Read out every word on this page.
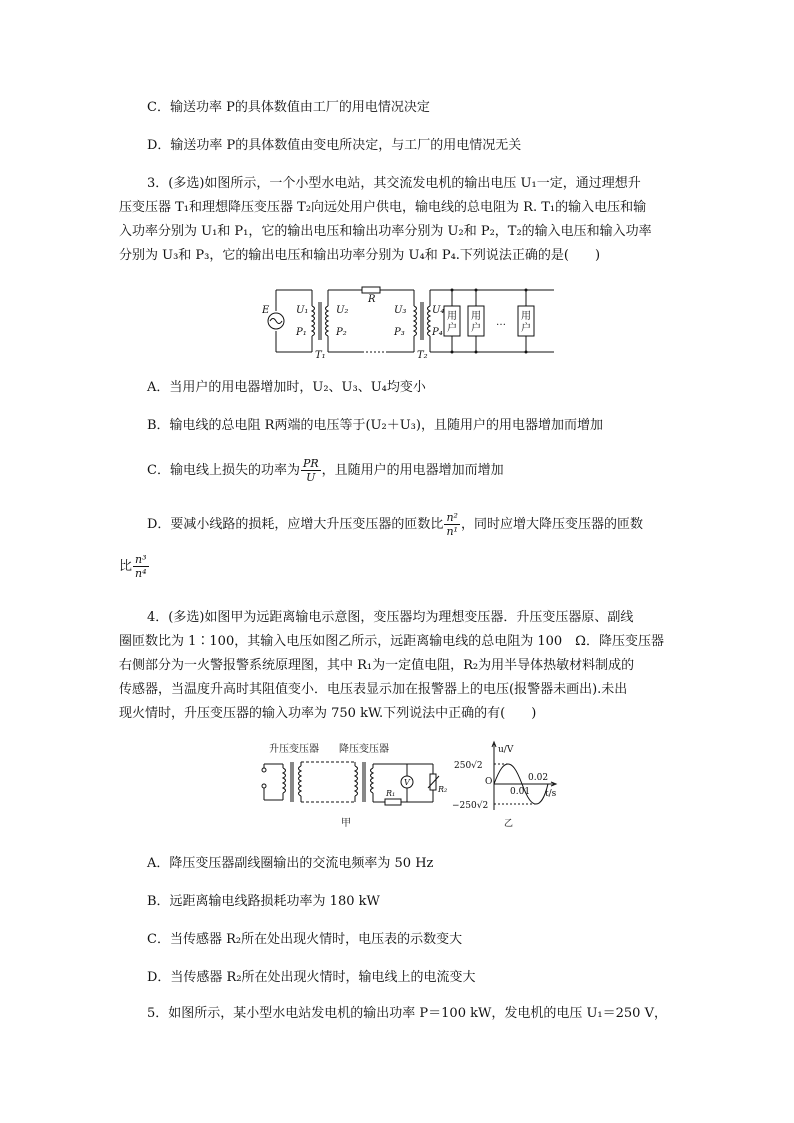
C．输送功率 P的具体数值由工厂的用电情况决定
D．输送功率 P的具体数值由变电所决定，与工厂的用电情况无关
3．(多选)如图所示，一个小型水电站，其交流发电机的输出电压 U₁一定，通过理想升
压变压器 T₁和理想降压变压器 T₂向远处用户供电，输电线的总电阻为 R. T₁的输入电压和输
入功率分别为 U₁和 P₁，它的输出电压和输出功率分别为 U₂和 P₂，T₂的输入电压和输入功率
分别为 U₃和 P₃，它的输出电压和输出功率分别为 U₄和 P₄.下列说法正确的是(　　)
E	U₁
P₁
U₂
P₂
R
U₃
P₃
U₄
P₄
T₁	T₂
用
户
用
户
用
户
…
A．当用户的用电器增加时，U₂、U₃、U₄均变小
B．输电线的总电阻 R两端的电压等于(U₂＋U₃)，且随用户的用电器增加而增加
C．输电线上损失的功率为 $\frac{PR}{U}$ ，且随用户的用电器增加而增加
D．要减小线路的损耗，应增大升压变压器的匝数比 $\frac{\text{n²}}{\text{n¹}}$ ，同时应增大降压变压器的匝数
比 $\frac{\text{n³}}{\text{n⁴}}$
4．(多选)如图甲为远距离输电示意图，变压器均为理想变压器．升压变压器原、副线
圈匝数比为 1∶100，其输入电压如图乙所示，远距离输电线的总电阻为 100　Ω．降压变压器
右侧部分为一火警报警系统原理图，其中 R₁为一定值电阻，R₂为用半导体热敏材料制成的
传感器，当温度升高时其阻值变小．电压表显示加在报警器上的电压(报警器未画出).未出
现火情时，升压变压器的输入功率为 750 kW.下列说法中正确的有(　　)
升压变压器 降压变压器
甲
V
R₁	R₂
u/V
t/s
250√2
−250√2
O
0.01
0.02
乙
A．降压变压器副线圈输出的交流电频率为 50 Hz
B．远距离输电线路损耗功率为 180 kW
C．当传感器 R₂所在处出现火情时，电压表的示数变大
D．当传感器 R₂所在处出现火情时，输电线上的电流变大
5．如图所示，某小型水电站发电机的输出功率 P＝100 kW，发电机的电压 U₁＝250 V，
